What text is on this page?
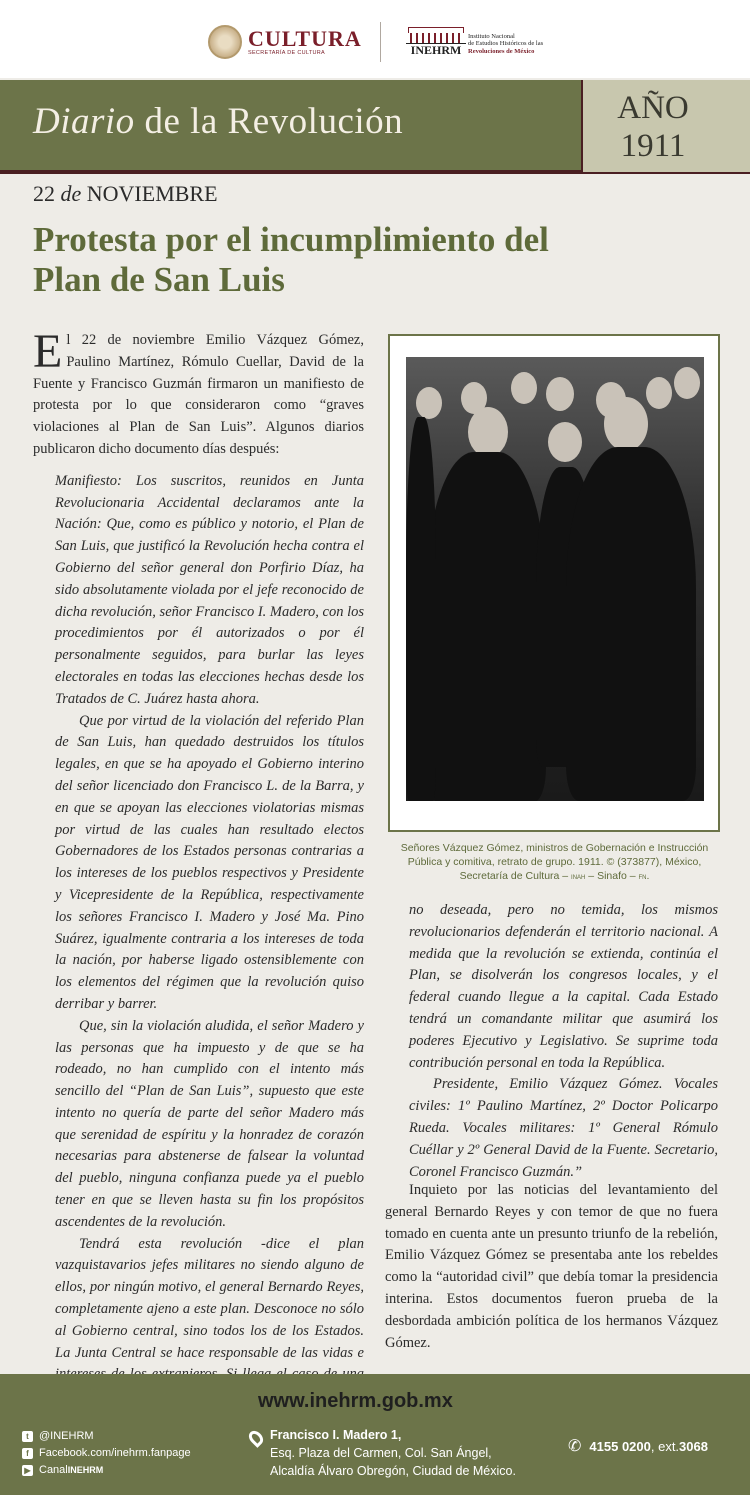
CULTURA
SECRETARÍA DE CULTURA	INEHRM
Instituto Nacional
de Estudios Históricos de las
Revoluciones de México
Diario de la Revolución	AÑO
1911
22 de NOVIEMBRE
Protesta por el incumplimiento del Plan de San Luis

El 22 de noviembre Emilio Vázquez Gómez, Paulino Martínez, Rómulo Cuellar, David de la Fuente y Francisco Guzmán firmaron un manifiesto de protesta por lo que consideraron como “graves violaciones al Plan de San Luis”. Algunos diarios publicaron dicho documento días después:

Manifiesto: Los suscritos, reunidos en Junta Revolucionaria Accidental declaramos ante la Nación: Que, como es público y notorio, el Plan de San Luis, que justificó la Revolución hecha contra el Gobierno del señor general don Porfirio Díaz, ha sido absolutamente violada por el jefe reconocido de dicha revolución, señor Francisco I. Madero, con los procedimientos por él autorizados o por él personalmente seguidos, para burlar las leyes electorales en todas las elecciones hechas desde los Tratados de C. Juárez hasta ahora.

Que por virtud de la violación del referido Plan de San Luis, han quedado destruidos los títulos legales, en que se ha apoyado el Gobierno interino del señor licenciado don Francisco L. de la Barra, y en que se apoyan las elecciones violatorias mismas por virtud de las cuales han resultado electos Gobernadores de los Estados personas contrarias a los intereses de los pueblos respectivos y Presidente y Vicepresidente de la República, respectivamente los señores Francisco I. Madero y José Ma. Pino Suárez, igualmente contraria a los intereses de toda la nación, por haberse ligado ostensiblemente con los elementos del régimen que la revolución quiso derribar y barrer.

Que, sin la violación aludida, el señor Madero y las personas que ha impuesto y de que se ha rodeado, no han cumplido con el intento más sencillo del “Plan de San Luis”, supuesto que este intento no quería de parte del señor Madero más que serenidad de espíritu y la honradez de corazón necesarias para abstenerse de falsear la voluntad del pueblo, ninguna confianza puede ya el pueblo tener en que se lleven hasta su fin los propósitos ascendentes de la revolución.

Tendrá esta revolución -dice el plan vazquistavarios jefes militares no siendo alguno de ellos, por ningún motivo, el general Bernardo Reyes, completamente ajeno a este plan. Desconoce no sólo al Gobierno central, sino todos los de los Estados. La Junta Central se hace responsable de las vidas e

Señores Vázquez Gómez, ministros de Gobernación e Instrucción Pública y comitiva, retrato de grupo. 1911. © (373877), México, Secretaría de Cultura – inah – Sinafo – fn.

no deseada, pero no temida, los mismos revolucionarios defenderán el territorio nacional. A medida que la revolución se extienda, continúa el Plan, se disolverán los congresos locales, y el federal cuando llegue a la capital. Cada Estado tendrá un comandante militar que asumirá los poderes Ejecutivo y Legislativo. Se suprime toda contribución personal en toda la República.

Presidente, Emilio Vázquez Gómez. Vocales civiles: 1º Paulino Martínez, 2º Doctor Policarpo Rueda. Vocales militares: 1º General Rómulo Cuéllar y 2º General David de la Fuente. Secretario, Coronel Francisco Guzmán.”

Inquieto por las noticias del levantamiento del general Bernardo Reyes y con temor de que no fuera tomado en cuenta ante un presunto triunfo de la rebelión, Emilio Vázquez Gómez se presentaba ante los rebeldes como la “autoridad civil” que debía tomar la presidencia interina. Estos documentos fueron prueba de la desbordada ambición política de los hermanos Vázquez Gómez.

www.inehrm.gob.mx
t @INEHRM
f Facebook.com/inehrm.fanpage
▶ Canal INEHRM
Francisco I. Madero 1,
Esq. Plaza del Carmen, Col. San Ángel,
Alcaldía Álvaro Obregón, Ciudad de México.
✆ 4155 0200 , ext. 3068
